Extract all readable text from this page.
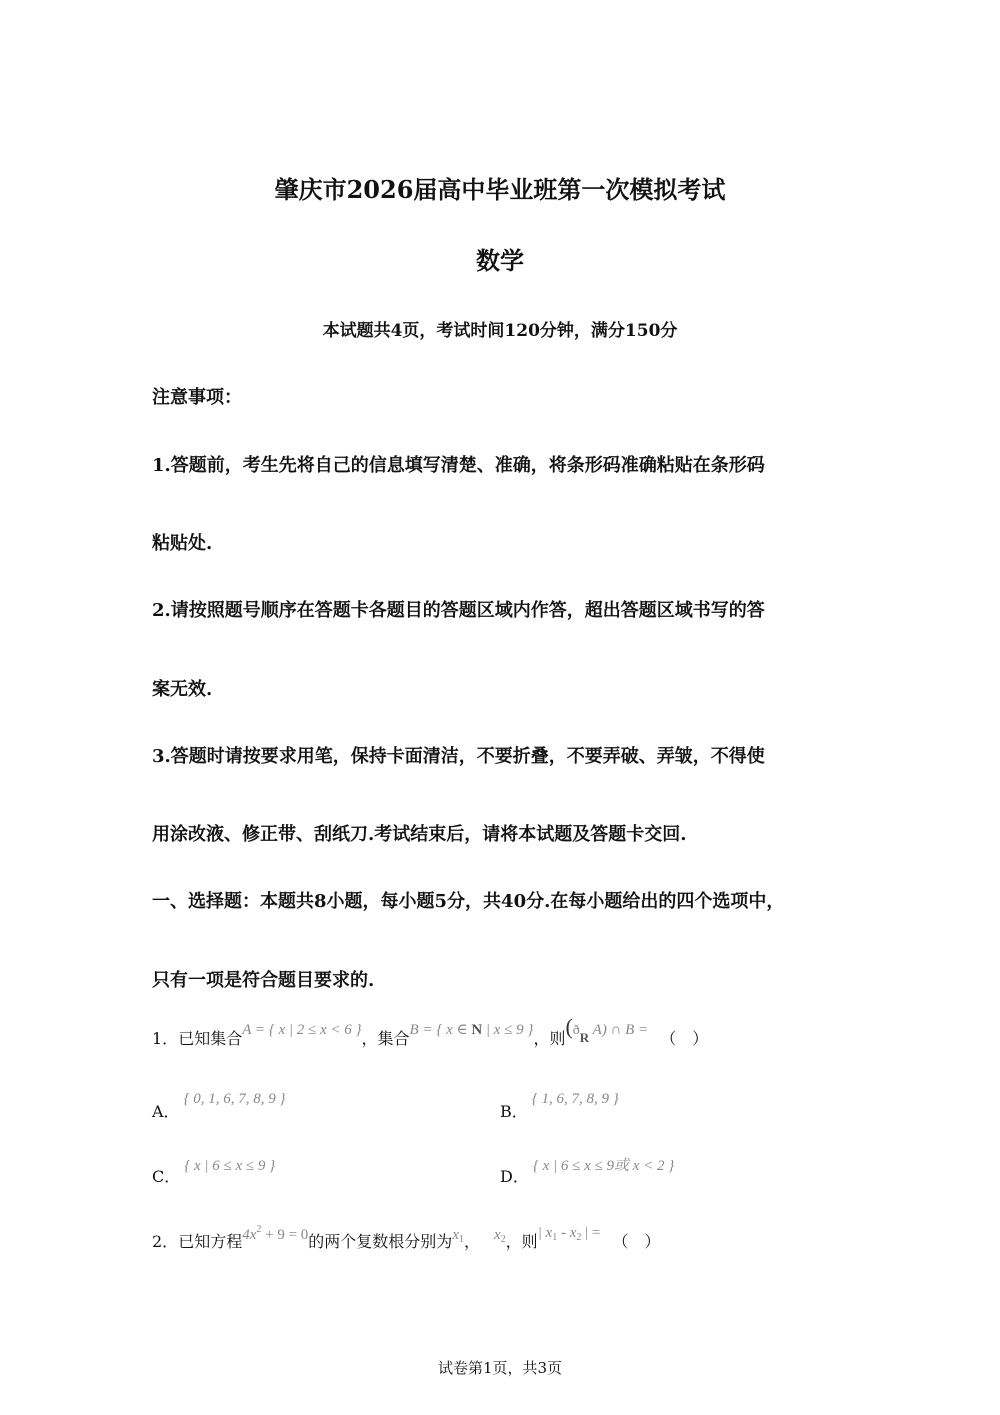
肇庆市2026届高中毕业班第一次模拟考试
数学
本试题共4页，考试时间120分钟，满分150分
注意事项：
1.答题前，考生先将自己的信息填写清楚、准确，将条形码准确粘贴在条形码
粘贴处.
2.请按照题号顺序在答题卡各题目的答题区域内作答，超出答题区域书写的答
案无效.
3.答题时请按要求用笔，保持卡面清洁，不要折叠，不要弄破、弄皱，不得使
用涂改液、修正带、刮纸刀.考试结束后，请将本试题及答题卡交回.
一、选择题：本题共8小题，每小题5分，共40分.在每小题给出的四个选项中，
只有一项是符合题目要求的.
1．已知集合A = { x | 2 ≤ x < 6 }，集合B = { x ∈ N | x ≤ 9 }，则(ðR A) ∩ B = （　）
A．{ 0, 1, 6, 7, 8, 9 }
B．{ 1, 6, 7, 8, 9 }
C．{ x | 6 ≤ x ≤ 9 }
D．{ x | 6 ≤ x ≤ 9或 x < 2 }
2．已知方程$4x^2 + 9 = 0$的两个复数根分别为$x_1$， $x_2$，则| $x_1 - x_2$ | = （　）
试卷第1页，共3页
